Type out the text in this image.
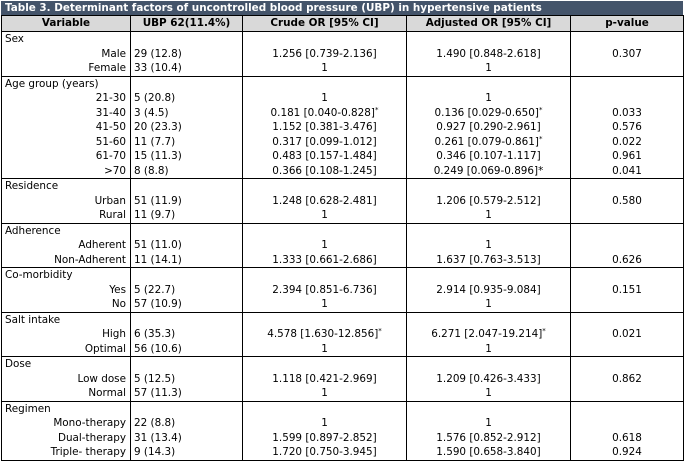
Table 3. Determinant factors of uncontrolled blood pressure (UBP) in hypertensive patients
Variable	UBP 62(11.4%)	Crude OR [95% CI]	Adjusted OR [95% CI]	p-value
Sex				
Male	29 (12.8)	1.256 [0.739-2.136]	1.490 [0.848-2.618]	0.307
Female	33 (10.4)	1	1	
Age group (years)				
21-30	5 (20.8)	1	1	
31-40	3 (4.5)	0.181 [0.040-0.828]*	0.136 [0.029-0.650]*	0.033
41-50	20 (23.3)	1.152 [0.381-3.476]	0.927 [0.290-2.961]	0.576
51-60	11 (7.7)	0.317 [0.099-1.012]	0.261 [0.079-0.861]*	0.022
61-70	15 (11.3)	0.483 [0.157-1.484]	0.346 [0.107-1.117]	0.961
>70	8 (8.8)	0.366 [0.108-1.245]	0.249 [0.069-0.896]*	0.041
Residence				
Urban	51 (11.9)	1.248 [0.628-2.481]	1.206 [0.579-2.512]	0.580
Rural	11 (9.7)	1	1	
Adherence				
Adherent	51 (11.0)	1	1	
Non-Adherent	11 (14.1)	1.333 [0.661-2.686]	1.637 [0.763-3.513]	0.626
Co-morbidity				
Yes	5 (22.7)	2.394 [0.851-6.736]	2.914 [0.935-9.084]	0.151
No	57 (10.9)	1	1	
Salt intake				
High	6 (35.3)	4.578 [1.630-12.856]*	6.271 [2.047-19.214]*	0.021
Optimal	56 (10.6)	1	1	
Dose				
Low dose	5 (12.5)	1.118 [0.421-2.969]	1.209 [0.426-3.433]	0.862
Normal	57 (11.3)	1	1	
Regimen				
Mono-therapy	22 (8.8)	1	1	
Dual-therapy	31 (13.4)	1.599 [0.897-2.852]	1.576 [0.852-2.912]	0.618
Triple- therapy	9 (14.3)	1.720 [0.750-3.945]	1.590 [0.658-3.840]	0.924
